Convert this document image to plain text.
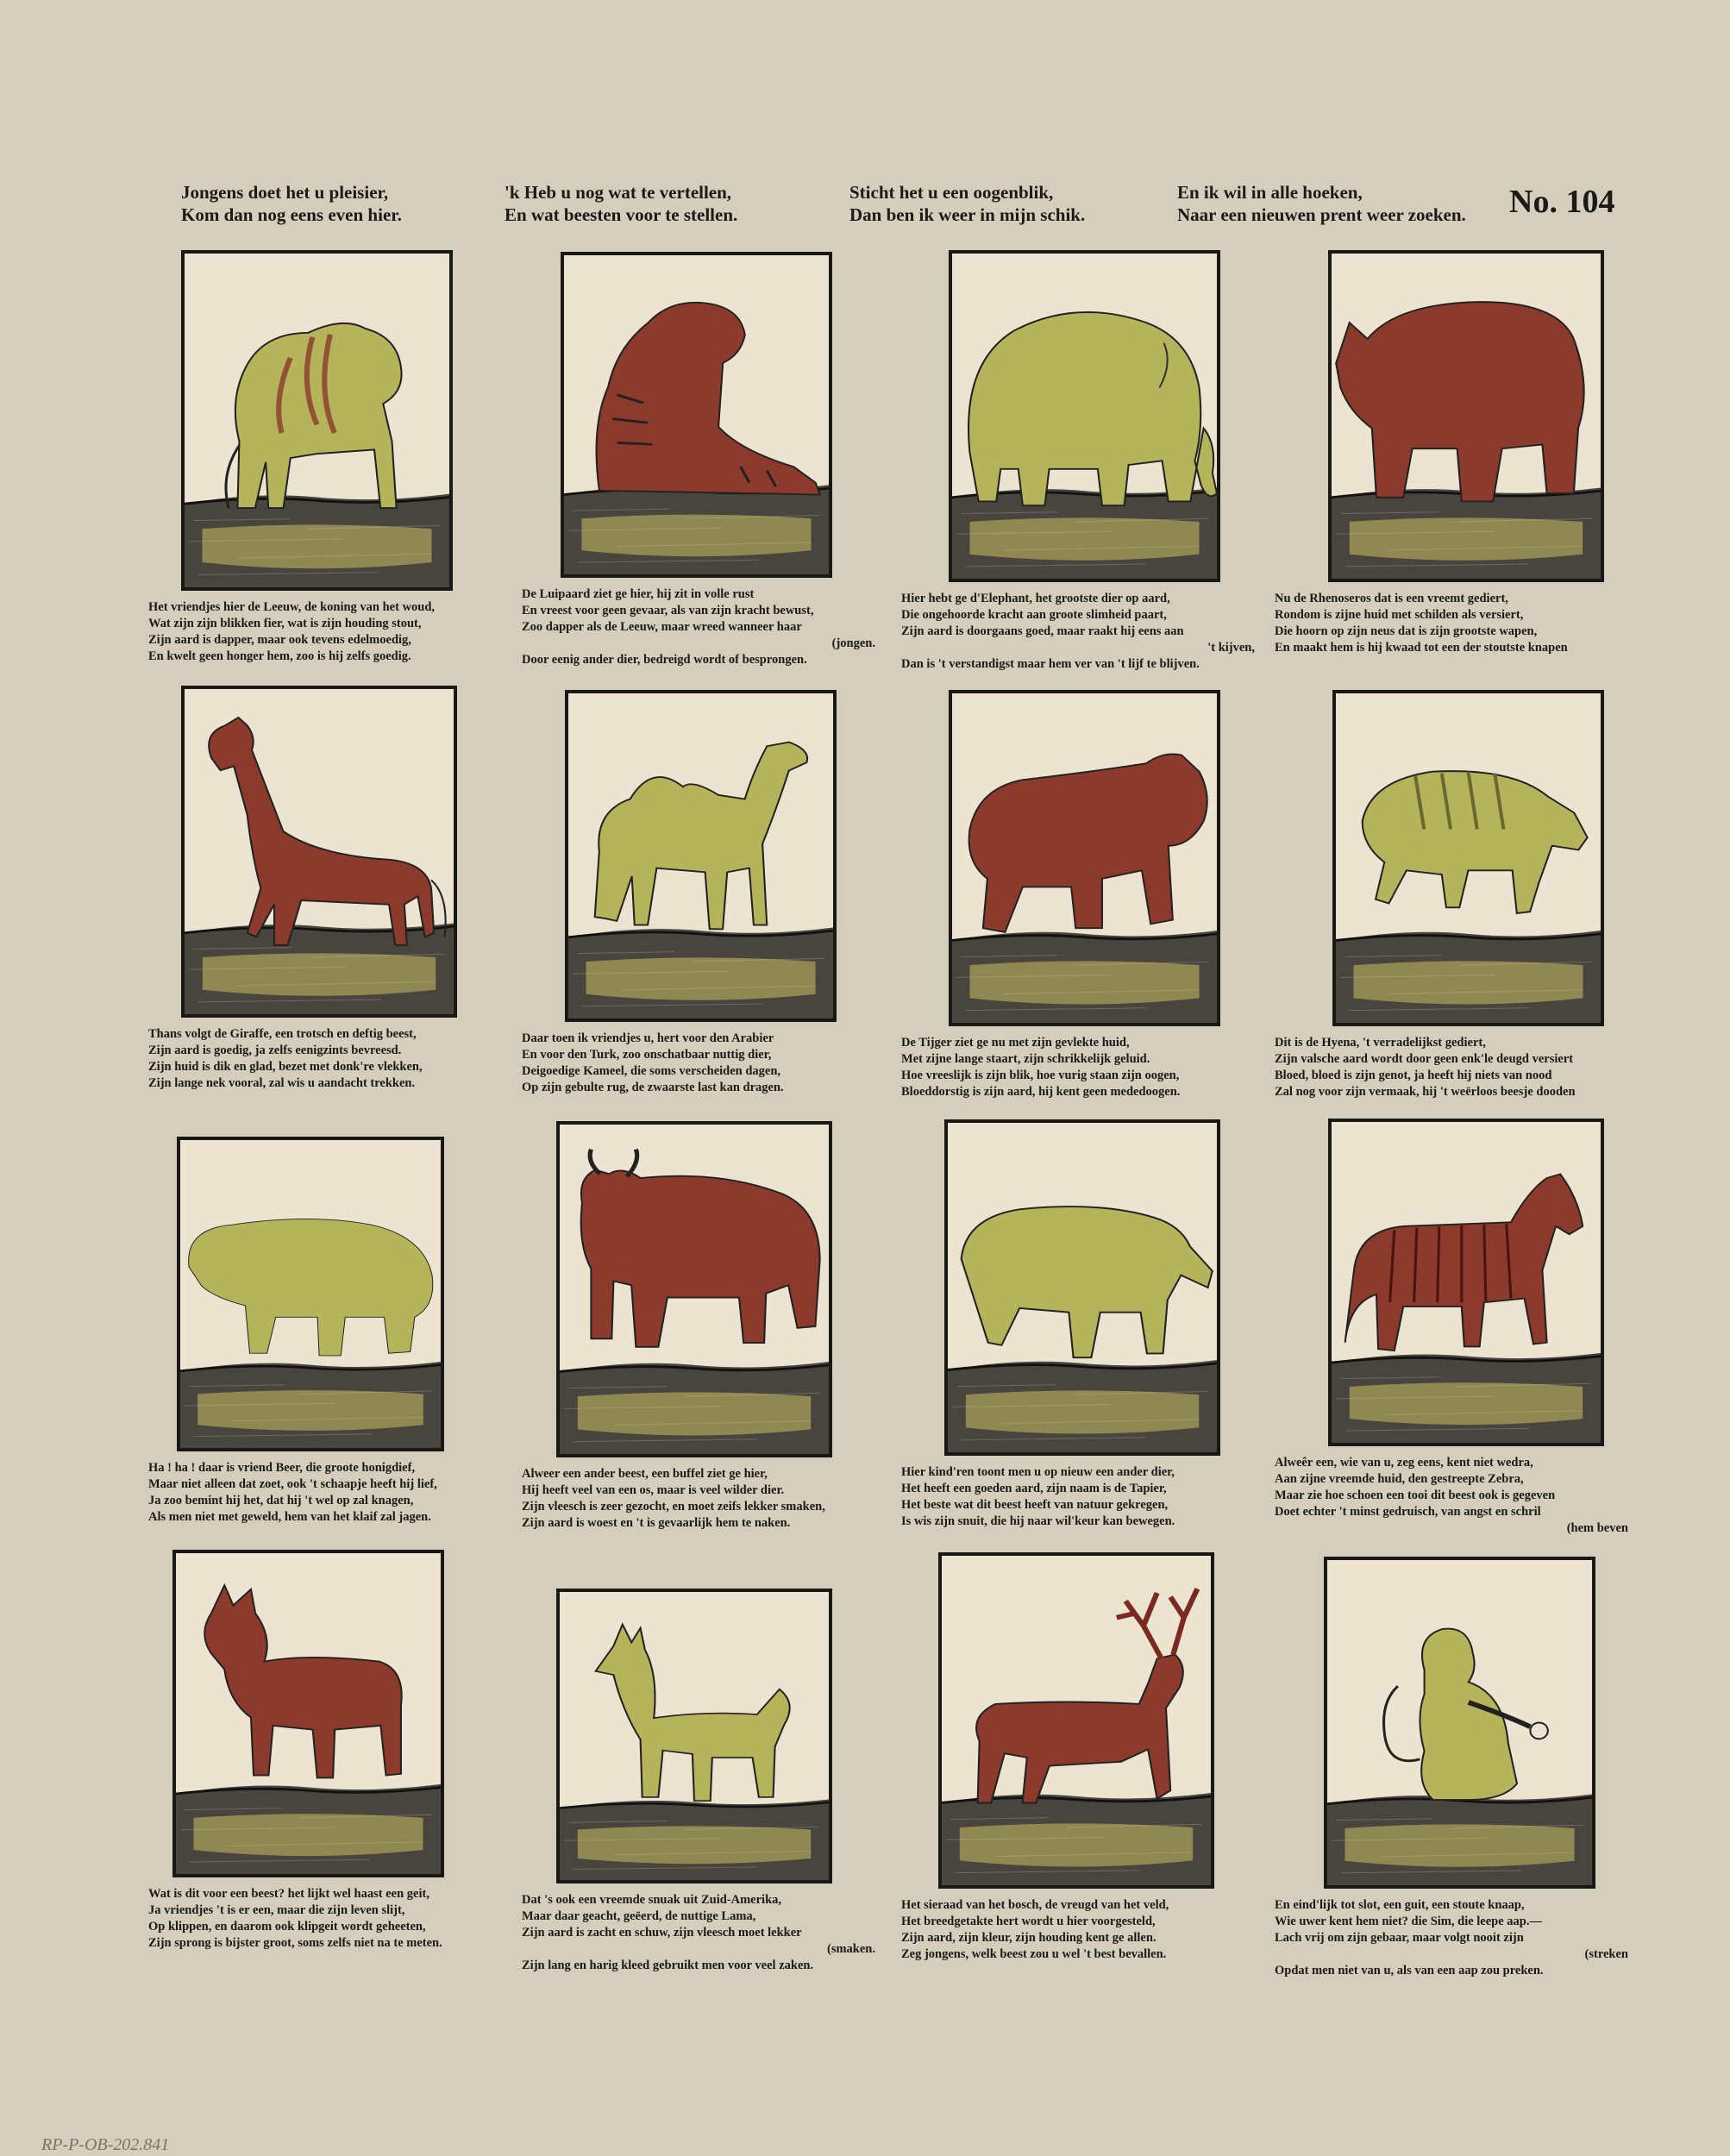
Jongens doet het u pleisier,
Kom dan nog eens even hier.
'k Heb u nog wat te vertellen,
En wat beesten voor te stellen.
Sticht het u een oogenblik,
Dan ben ik weer in mijn schik.
En ik wil in alle hoeken,
Naar een nieuwen prent weer zoeken. No. 104
Het vriendjes hier de Leeuw, de koning van het woud,
Wat zijn zijn blikken fier, wat is zijn houding stout,
Zijn aard is dapper, maar ook tevens edelmoedig,
En kwelt geen honger hem, zoo is hij zelfs goedig.
De Luipaard ziet ge hier, hij zit in volle rust
En vreest voor geen gevaar, als van zijn kracht bewust,
Zoo dapper als de Leeuw, maar wreed wanneer haar
(jongen.
Door eenig ander dier, bedreigd wordt of besprongen.
Hier hebt ge d'Elephant, het grootste dier op aard,
Die ongehoorde kracht aan groote slimheid paart,
Zijn aard is doorgaans goed, maar raakt hij eens aan
't kijven,
Dan is 't verstandigst maar hem ver van 't lijf te blijven.
Nu de Rhenoseros dat is een vreemt gediert,
Rondom is zijne huid met schilden als versiert,
Die hoorn op zijn neus dat is zijn grootste wapen,
En maakt hem is hij kwaad tot een der stoutste knapen
Thans volgt de Giraffe, een trotsch en deftig beest,
Zijn aard is goedig, ja zelfs eenigzints bevreesd.
Zijn huid is dik en glad, bezet met donk're vlekken,
Zijn lange nek vooral, zal wis u aandacht trekken.
Daar toen ik vriendjes u, hert voor den Arabier
En voor den Turk, zoo onschatbaar nuttig dier,
Deigoedige Kameel, die soms verscheiden dagen,
Op zijn gebulte rug, de zwaarste last kan dragen.
De Tijger ziet ge nu met zijn gevlekte huid,
Met zijne lange staart, zijn schrikkelijk geluid.
Hoe vreeslijk is zijn blik, hoe vurig staan zijn oogen,
Bloeddorstig is zijn aard, hij kent geen mededoogen.
Dit is de Hyena, 't verradelijkst gediert,
Zijn valsche aard wordt door geen enk'le deugd versiert
Bloed, bloed is zijn genot, ja heeft hij niets van nood
Zal nog voor zijn vermaak, hij 't weërloos beesje dooden
Ha ! ha ! daar is vriend Beer, die groote honigdief,
Maar niet alleen dat zoet, ook 't schaapje heeft hij lief,
Ja zoo bemint hij het, dat hij 't wel op zal knagen,
Als men niet met geweld, hem van het klaif zal jagen.
Alweer een ander beest, een buffel ziet ge hier,
Hij heeft veel van een os, maar is veel wilder dier.
Zijn vleesch is zeer gezocht, en moet zeifs lekker smaken,
Zijn aard is woest en 't is gevaarlijk hem te naken.
Hier kind'ren toont men u op nieuw een ander dier,
Het heeft een goeden aard, zijn naam is de Tapier,
Het beste wat dit beest heeft van natuur gekregen,
Is wis zijn snuit, die hij naar wil'keur kan bewegen.
Alweêr een, wie van u, zeg eens, kent niet wedra,
Aan zijne vreemde huid, den gestreepte Zebra,
Maar zie hoe schoen een tooi dit beest ook is gegeven
Doet echter 't minst gedruisch, van angst en schril
(hem beven
Wat is dit voor een beest? het lijkt wel haast een geit,
Ja vriendjes 't is er een, maar die zijn leven slijt,
Op klippen, en daarom ook klipgeit wordt geheeten,
Zijn sprong is bijster groot, soms zelfs niet na te meten.
Dat 's ook een vreemde snuak uit Zuid-Amerika,
Maar daar geacht, geëerd, de nuttige Lama,
Zijn aard is zacht en schuw, zijn vleesch moet lekker
(smaken.
Zijn lang en harig kleed gebruikt men voor veel zaken.
Het sieraad van het bosch, de vreugd van het veld,
Het breedgetakte hert wordt u hier voorgesteld,
Zijn aard, zijn kleur, zijn houding kent ge allen.
Zeg jongens, welk beest zou u wel 't best bevallen.
En eind'lijk tot slot, een guit, een stoute knaap,
Wie uwer kent hem niet? die Sim, die leepe aap.—
Lach vrij om zijn gebaar, maar volgt nooit zijn
(streken
Opdat men niet van u, als van een aap zou preken.
RP-P-OB-202.841
